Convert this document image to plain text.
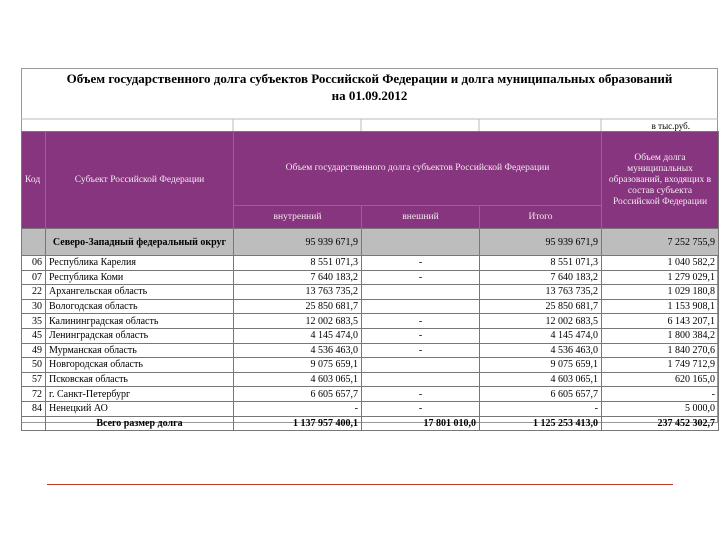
Объем государственного долга субъектов Российской Федерации и долга муниципальных образований
на 01.09.2012
в тыс.руб.
Код	Субъект Российской Федерации	Объем государственного долга субъектов Российской Федерации			Объем долга муниципальных образований, входящих в состав субъекта Российской Федерации
		внутренний	внешний	Итого	
	Северо-Западный федеральный округ	95 939 671,9		95 939 671,9	7 252 755,9
06	Республика Карелия	8 551 071,3	-	8 551 071,3	1 040 582,2
07	Республика Коми	7 640 183,2	-	7 640 183,2	1 279 029,1
22	Архангельская область	13 763 735,2		13 763 735,2	1 029 180,8
30	Вологодская область	25 850 681,7		25 850 681,7	1 153 908,1
35	Калининградская область	12 002 683,5	-	12 002 683,5	6 143 207,1
45	Ленинградская область	4 145 474,0	-	4 145 474,0	1 800 384,2
49	Мурманская область	4 536 463,0	-	4 536 463,0	1 840 270,6
50	Новгородская область	9 075 659,1		9 075 659,1	1 749 712,9
57	Псковская область	4 603 065,1		4 603 065,1	620 165,0
72	г. Санкт-Петербург	6 605 657,7	-	6 605 657,7	-
84	Ненецкий АО	-	-	-	5 000,0
	Всего размер долга	1 137 957 400,1	17 801 010,0	1 125 253 413,0	237 452 302,7
